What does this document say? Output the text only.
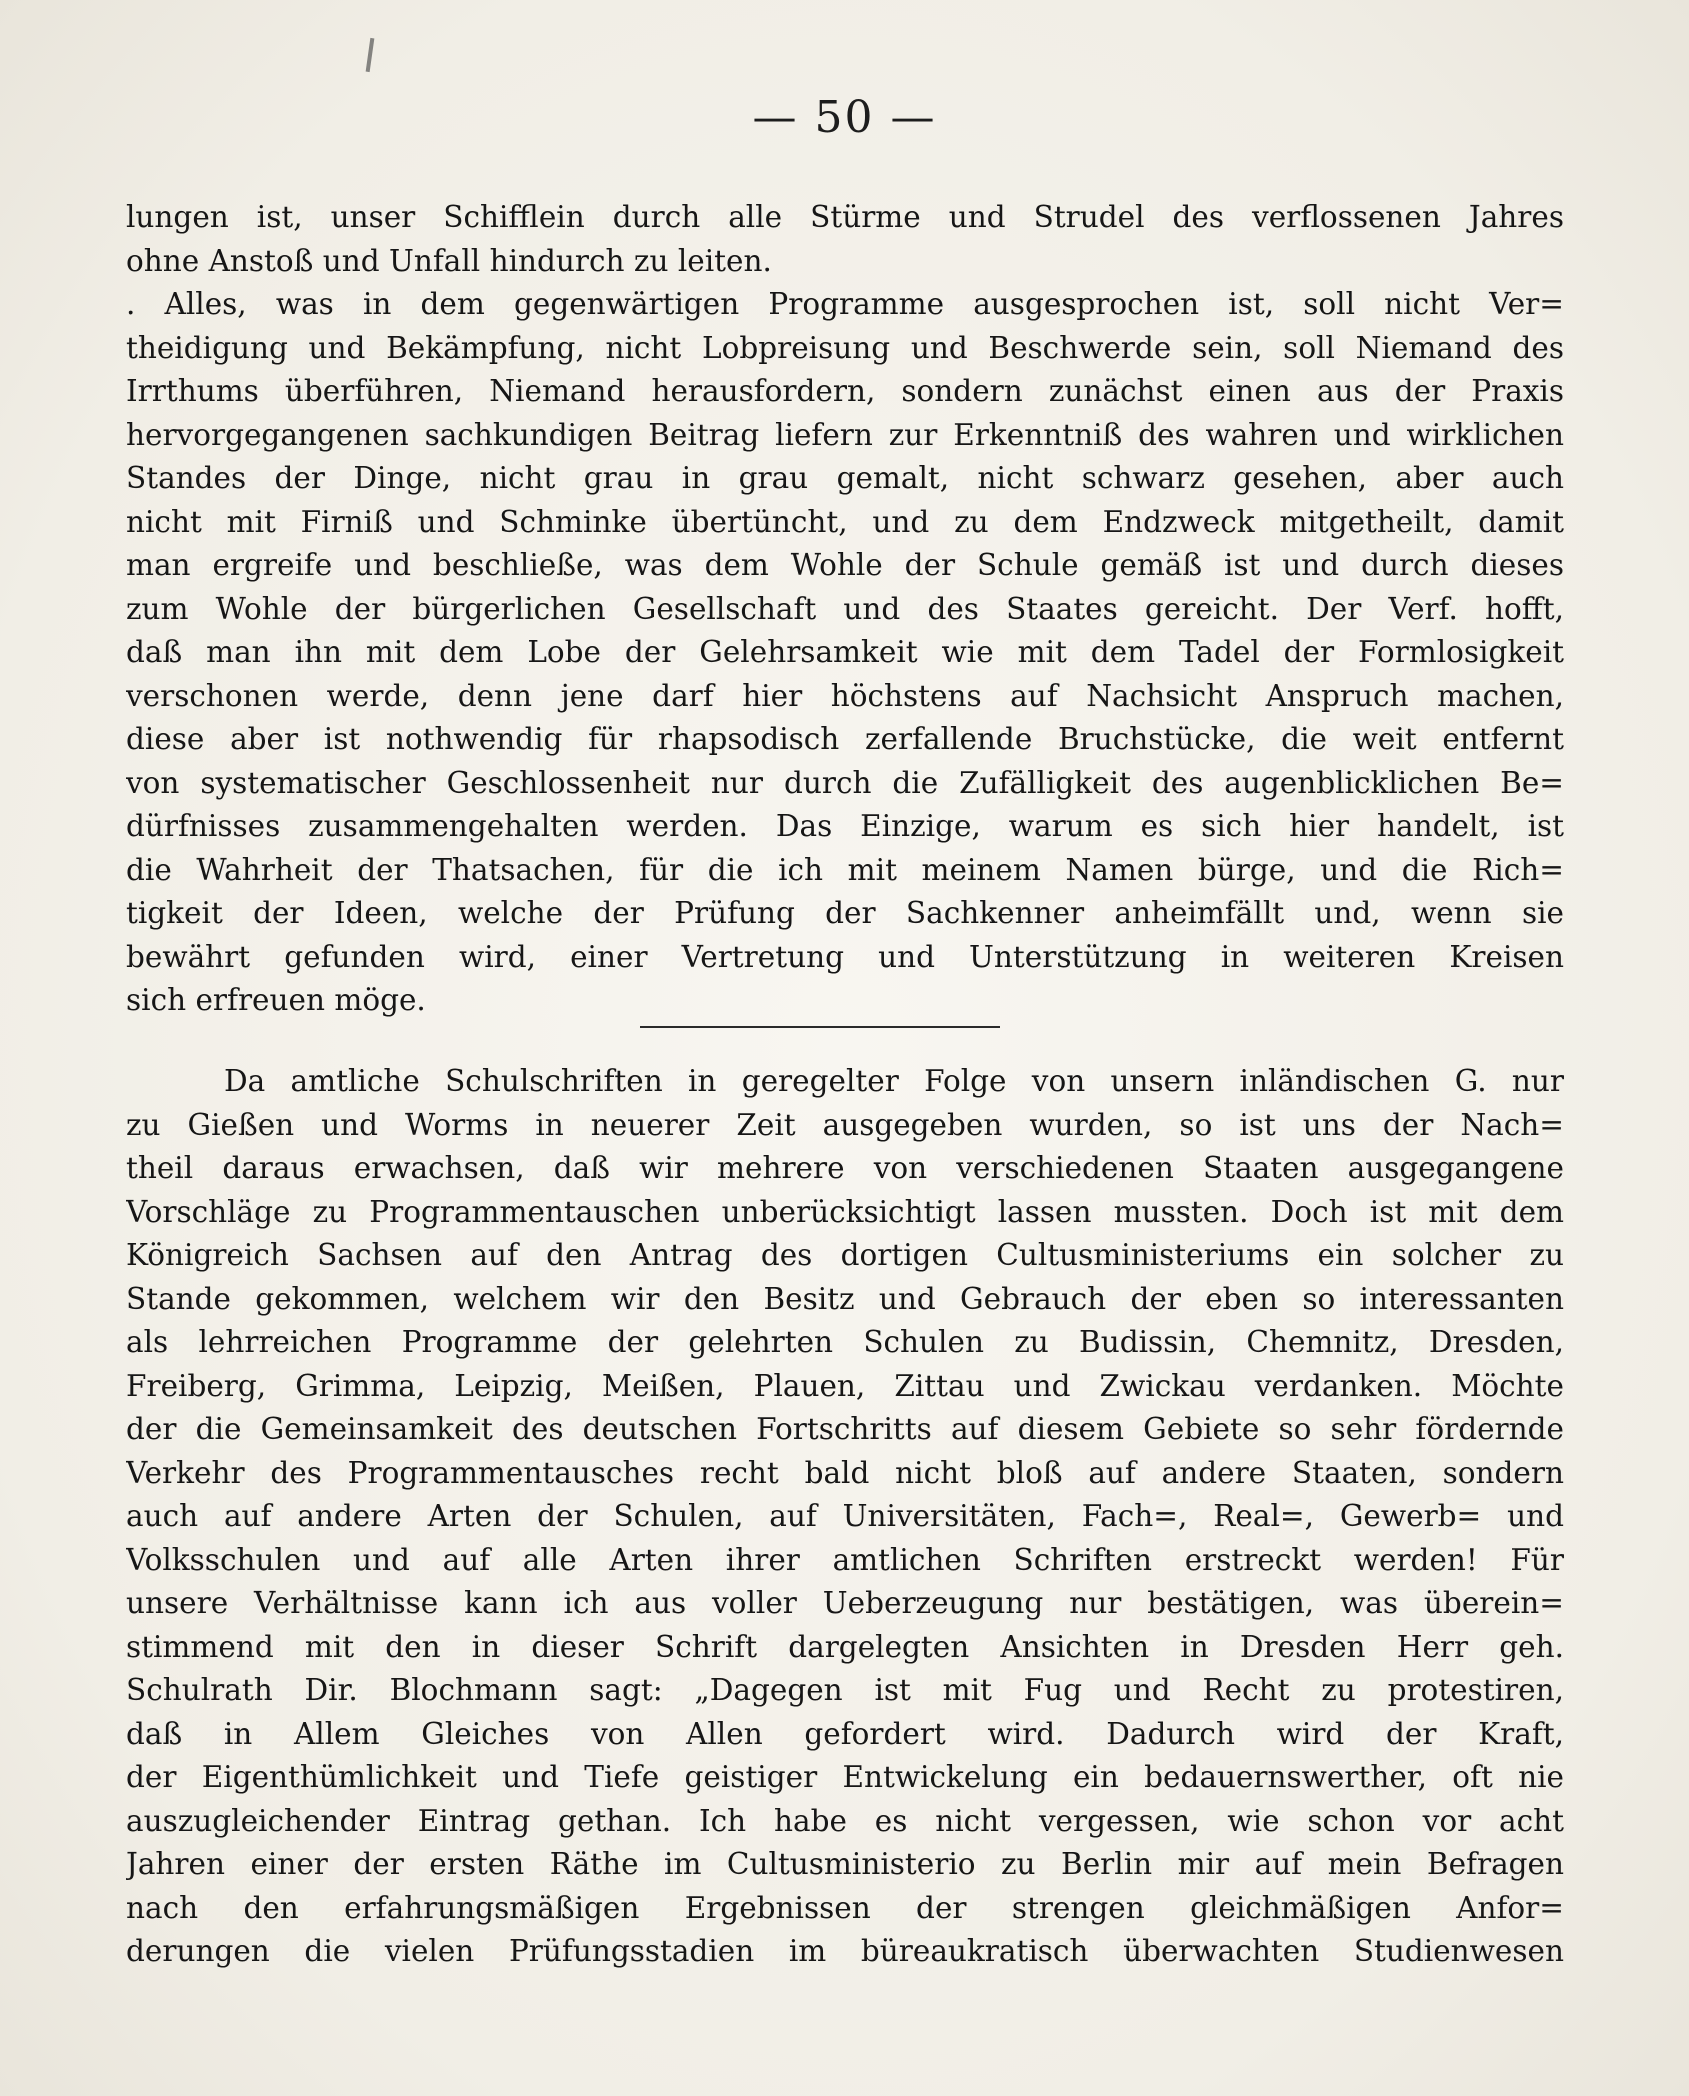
— 50 —
lungen ist, unser Schifflein durch alle Stürme und Strudel des verflossenen Jahres
ohne Anstoß und Unfall hindurch zu leiten.
. Alles, was in dem gegenwärtigen Programme ausgesprochen ist, soll nicht Ver=
theidigung und Bekämpfung, nicht Lobpreisung und Beschwerde sein, soll Niemand des
Irrthums überführen, Niemand herausfordern, sondern zunächst einen aus der Praxis
hervorgegangenen sachkundigen Beitrag liefern zur Erkenntniß des wahren und wirklichen
Standes der Dinge, nicht grau in grau gemalt, nicht schwarz gesehen, aber auch
nicht mit Firniß und Schminke übertüncht, und zu dem Endzweck mitgetheilt, damit
man ergreife und beschließe, was dem Wohle der Schule gemäß ist und durch dieses
zum Wohle der bürgerlichen Gesellschaft und des Staates gereicht. Der Verf. hofft,
daß man ihn mit dem Lobe der Gelehrsamkeit wie mit dem Tadel der Formlosigkeit
verschonen werde, denn jene darf hier höchstens auf Nachsicht Anspruch machen,
diese aber ist nothwendig für rhapsodisch zerfallende Bruchstücke, die weit entfernt
von systematischer Geschlossenheit nur durch die Zufälligkeit des augenblicklichen Be=
dürfnisses zusammengehalten werden. Das Einzige, warum es sich hier handelt, ist
die Wahrheit der Thatsachen, für die ich mit meinem Namen bürge, und die Rich=
tigkeit der Ideen, welche der Prüfung der Sachkenner anheimfällt und, wenn sie
bewährt gefunden wird, einer Vertretung und Unterstützung in weiteren Kreisen
sich erfreuen möge.
Da amtliche Schulschriften in geregelter Folge von unsern inländischen G. nur
zu Gießen und Worms in neuerer Zeit ausgegeben wurden, so ist uns der Nach=
theil daraus erwachsen, daß wir mehrere von verschiedenen Staaten ausgegangene
Vorschläge zu Programmentauschen unberücksichtigt lassen mussten. Doch ist mit dem
Königreich Sachsen auf den Antrag des dortigen Cultusministeriums ein solcher zu
Stande gekommen, welchem wir den Besitz und Gebrauch der eben so interessanten
als lehrreichen Programme der gelehrten Schulen zu Budissin, Chemnitz, Dresden,
Freiberg, Grimma, Leipzig, Meißen, Plauen, Zittau und Zwickau verdanken. Möchte
der die Gemeinsamkeit des deutschen Fortschritts auf diesem Gebiete so sehr fördernde
Verkehr des Programmentausches recht bald nicht bloß auf andere Staaten, sondern
auch auf andere Arten der Schulen, auf Universitäten, Fach=, Real=, Gewerb= und
Volksschulen und auf alle Arten ihrer amtlichen Schriften erstreckt werden! Für
unsere Verhältnisse kann ich aus voller Ueberzeugung nur bestätigen, was überein=
stimmend mit den in dieser Schrift dargelegten Ansichten in Dresden Herr geh.
Schulrath Dir. Blochmann sagt: „Dagegen ist mit Fug und Recht zu protestiren,
daß in Allem Gleiches von Allen gefordert wird. Dadurch wird der Kraft,
der Eigenthümlichkeit und Tiefe geistiger Entwickelung ein bedauernswerther, oft nie
auszugleichender Eintrag gethan. Ich habe es nicht vergessen, wie schon vor acht
Jahren einer der ersten Räthe im Cultusministerio zu Berlin mir auf mein Befragen
nach den erfahrungsmäßigen Ergebnissen der strengen gleichmäßigen Anfor=
derungen die vielen Prüfungsstadien im büreaukratisch überwachten Studienwesen
